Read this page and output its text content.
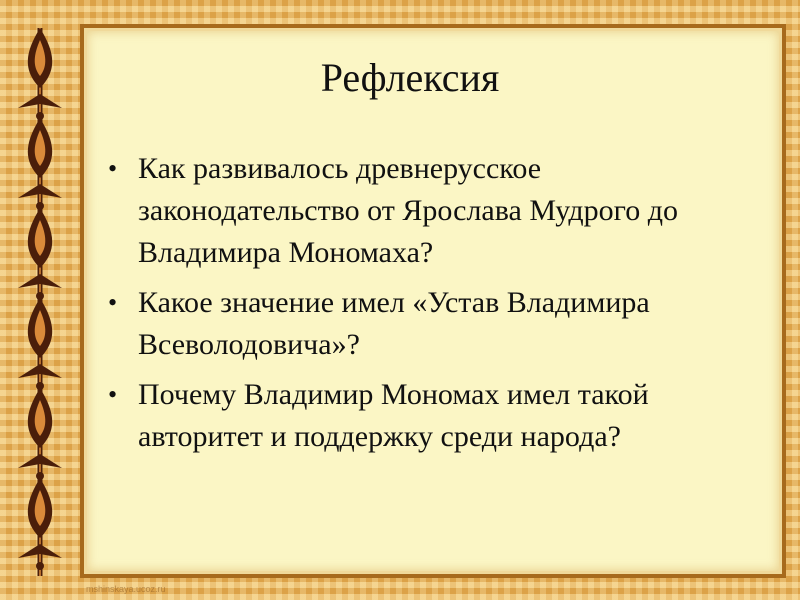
Рефлексия
• Как развивалось древнерусское законодательство от Ярослава Мудрого до Владимира Мономаха?
• Какое значение имел «Устав Владимира Всеволодовича»?
• Почему Владимир Мономах имел такой авторитет и поддержку среди народа?
mshinskaya.ucoz.ru
